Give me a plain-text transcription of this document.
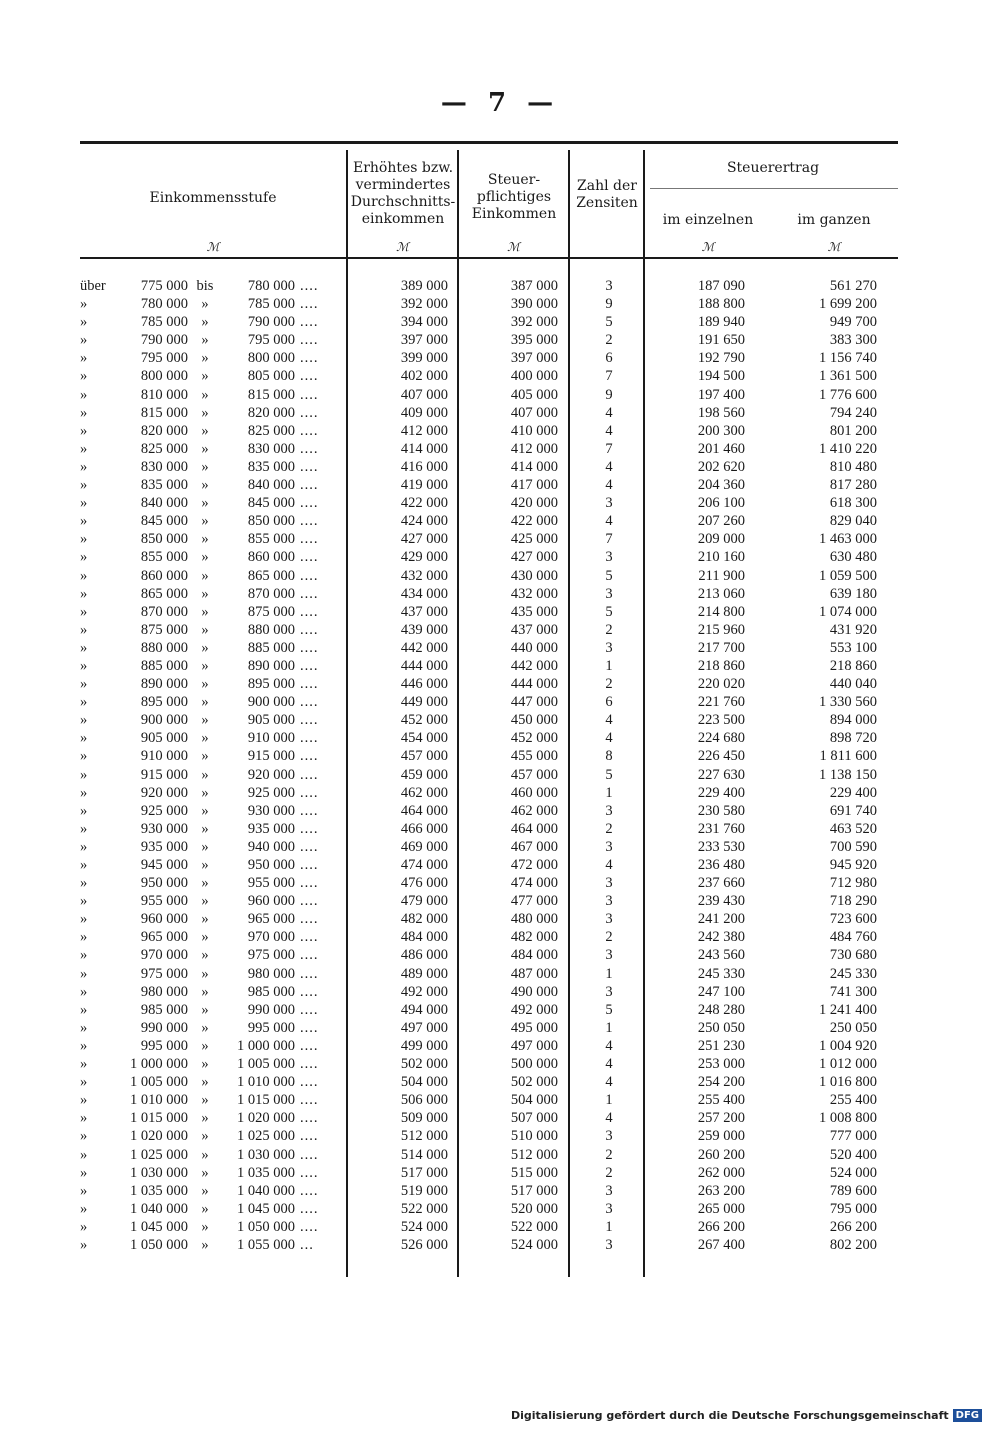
— 7 —
Einkommensstufe
Erhöhtes bzw. vermindertes Durchschnitts-einkommen
Steuer-pflichtiges Einkommen
Zahl der Zensiten
Steuerertrag
im einzelnen	im ganzen
ℳ	ℳ	ℳ	ℳ	ℳ
über	775 000 bis	780 000 ....	389 000	387 000	3	187 090	561 270
»	780 000 »	785 000 ....	392 000	390 000	9	188 800	1 699 200
»	785 000 »	790 000 ....	394 000	392 000	5	189 940	949 700
»	790 000 »	795 000 ....	397 000	395 000	2	191 650	383 300
»	795 000 »	800 000 ....	399 000	397 000	6	192 790	1 156 740
»	800 000 »	805 000 ....	402 000	400 000	7	194 500	1 361 500
»	810 000 »	815 000 ....	407 000	405 000	9	197 400	1 776 600
»	815 000 »	820 000 ....	409 000	407 000	4	198 560	794 240
»	820 000 »	825 000 ....	412 000	410 000	4	200 300	801 200
»	825 000 »	830 000 ....	414 000	412 000	7	201 460	1 410 220
»	830 000 »	835 000 ....	416 000	414 000	4	202 620	810 480
»	835 000 »	840 000 ....	419 000	417 000	4	204 360	817 280
»	840 000 »	845 000 ....	422 000	420 000	3	206 100	618 300
»	845 000 »	850 000 ....	424 000	422 000	4	207 260	829 040
»	850 000 »	855 000 ....	427 000	425 000	7	209 000	1 463 000
»	855 000 »	860 000 ....	429 000	427 000	3	210 160	630 480
»	860 000 »	865 000 ....	432 000	430 000	5	211 900	1 059 500
»	865 000 »	870 000 ....	434 000	432 000	3	213 060	639 180
»	870 000 »	875 000 ....	437 000	435 000	5	214 800	1 074 000
»	875 000 »	880 000 ....	439 000	437 000	2	215 960	431 920
»	880 000 »	885 000 ....	442 000	440 000	3	217 700	553 100
»	885 000 »	890 000 ....	444 000	442 000	1	218 860	218 860
»	890 000 »	895 000 ....	446 000	444 000	2	220 020	440 040
»	895 000 »	900 000 ....	449 000	447 000	6	221 760	1 330 560
»	900 000 »	905 000 ....	452 000	450 000	4	223 500	894 000
»	905 000 »	910 000 ....	454 000	452 000	4	224 680	898 720
»	910 000 »	915 000 ....	457 000	455 000	8	226 450	1 811 600
»	915 000 »	920 000 ....	459 000	457 000	5	227 630	1 138 150
»	920 000 »	925 000 ....	462 000	460 000	1	229 400	229 400
»	925 000 »	930 000 ....	464 000	462 000	3	230 580	691 740
»	930 000 »	935 000 ....	466 000	464 000	2	231 760	463 520
»	935 000 »	940 000 ....	469 000	467 000	3	233 530	700 590
»	945 000 »	950 000 ....	474 000	472 000	4	236 480	945 920
»	950 000 »	955 000 ....	476 000	474 000	3	237 660	712 980
»	955 000 »	960 000 ....	479 000	477 000	3	239 430	718 290
»	960 000 »	965 000 ....	482 000	480 000	3	241 200	723 600
»	965 000 »	970 000 ....	484 000	482 000	2	242 380	484 760
»	970 000 »	975 000 ....	486 000	484 000	3	243 560	730 680
»	975 000 »	980 000 ....	489 000	487 000	1	245 330	245 330
»	980 000 »	985 000 ....	492 000	490 000	3	247 100	741 300
»	985 000 »	990 000 ....	494 000	492 000	5	248 280	1 241 400
»	990 000 »	995 000 ....	497 000	495 000	1	250 050	250 050
»	995 000 »	1 000 000 ....	499 000	497 000	4	251 230	1 004 920
»	1 000 000 »	1 005 000 ....	502 000	500 000	4	253 000	1 012 000
»	1 005 000 »	1 010 000 ....	504 000	502 000	4	254 200	1 016 800
»	1 010 000 »	1 015 000 ....	506 000	504 000	1	255 400	255 400
»	1 015 000 »	1 020 000 ....	509 000	507 000	4	257 200	1 008 800
»	1 020 000 »	1 025 000 ....	512 000	510 000	3	259 000	777 000
»	1 025 000 »	1 030 000 ....	514 000	512 000	2	260 200	520 400
»	1 030 000 »	1 035 000 ....	517 000	515 000	2	262 000	524 000
»	1 035 000 »	1 040 000 ....	519 000	517 000	3	263 200	789 600
»	1 040 000 »	1 045 000 ....	522 000	520 000	3	265 000	795 000
»	1 045 000 »	1 050 000 ....	524 000	522 000	1	266 200	266 200
»	1 050 000 »	1 055 000 ...	526 000	524 000	3	267 400	802 200
Digitalisierung gefördert durch die Deutsche Forschungsgemeinschaft DFG
